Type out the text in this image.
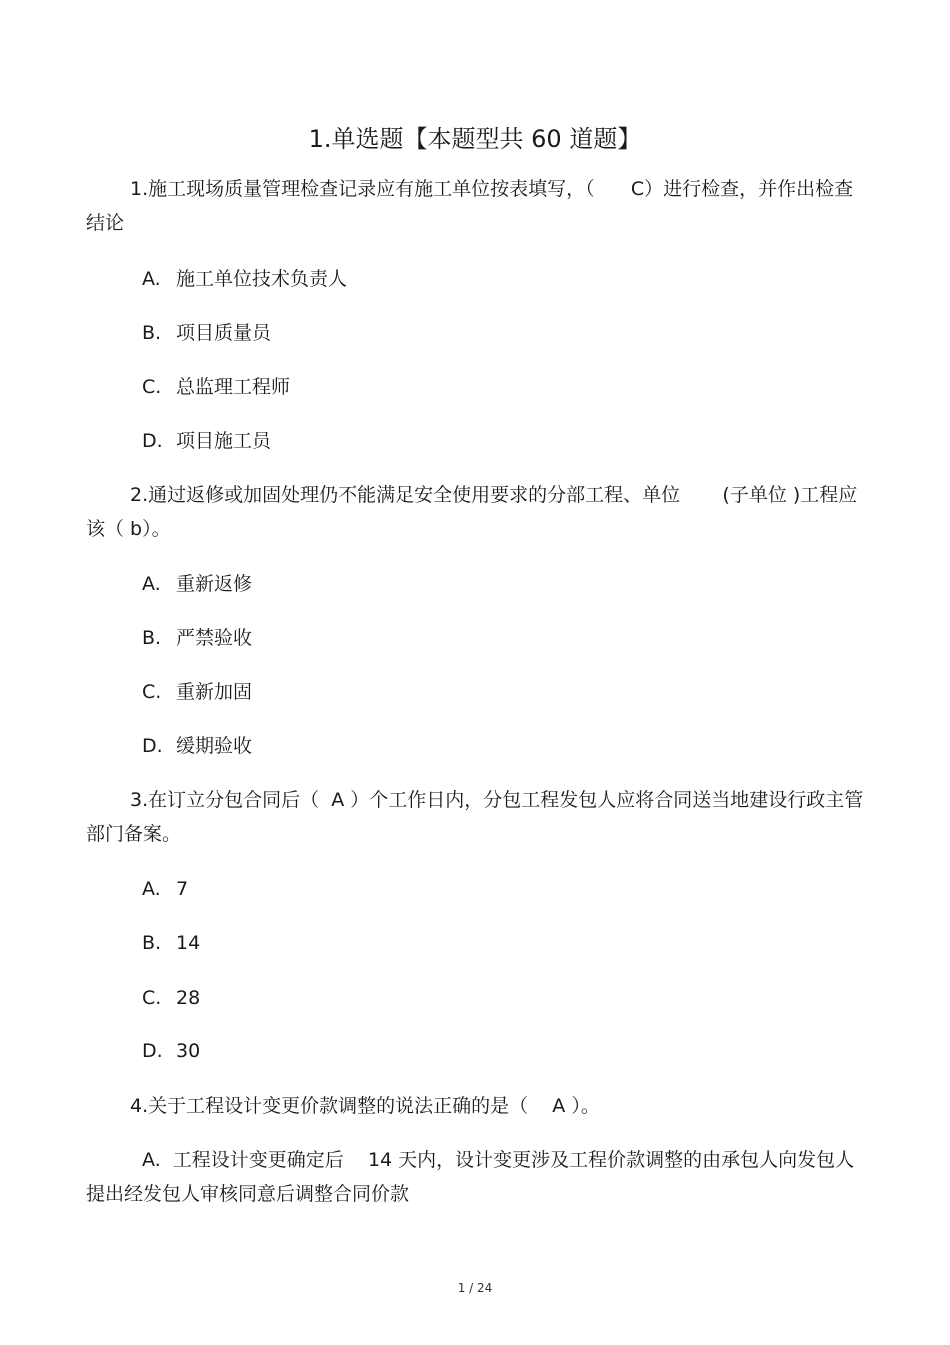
1.单选题【本题型共 60 道题】

1.施工现场质量管理检查记录应有施工单位按表填写，（      C）进行检查，并作出检查结论

A. 施工单位技术负责人

B. 项目质量员

C. 总监理工程师

D. 项目施工员

2.通过返修或加固处理仍不能满足安全使用要求的分部工程、单位       (子单位 )工程应该（ b）。

A. 重新返修

B. 严禁验收

C. 重新加固

D. 缓期验收

3.在订立分包合同后（  A ）个工作日内，分包工程发包人应将合同送当地建设行政主管部门备案。

A. 7

B. 14

C. 28

D. 30

4.关于工程设计变更价款调整的说法正确的是（    A ）。

A. 工程设计变更确定后    14 天内，设计变更涉及工程价款调整的由承包人向发包人提出经发包人审核同意后调整合同价款

1 / 24
